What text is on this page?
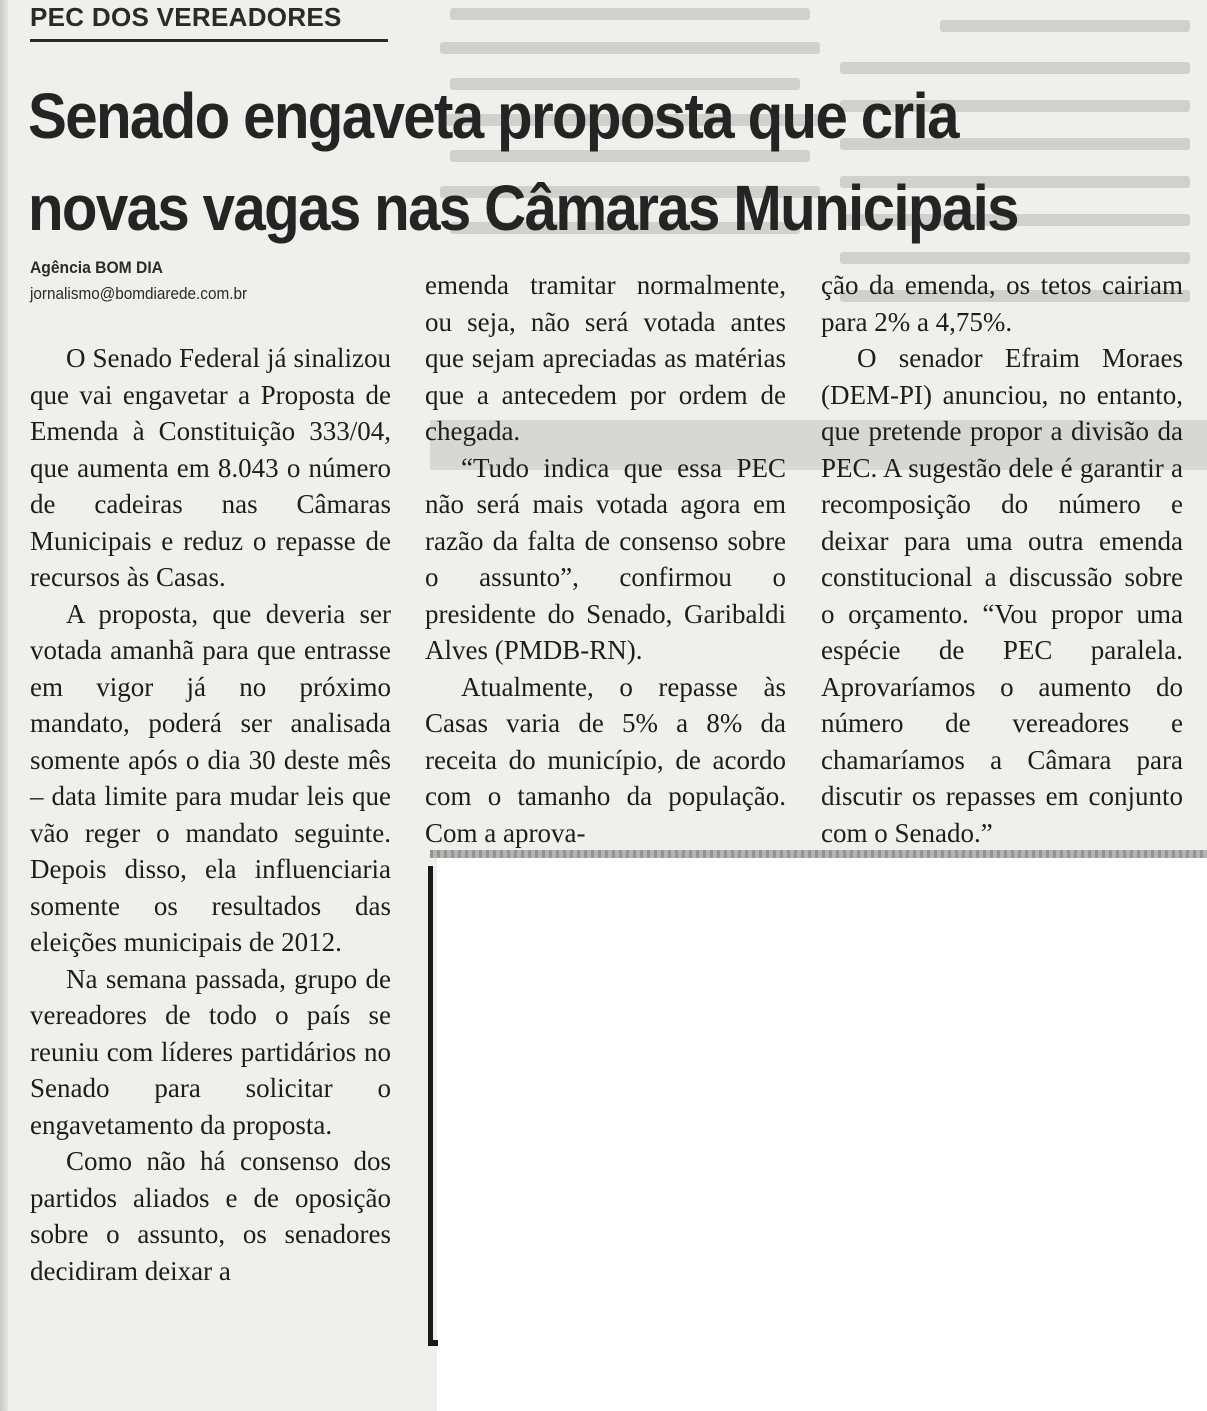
PEC DOS VEREADORES
Senado engaveta proposta que cria
novas vagas nas Câmaras Municipais
Agência BOM DIA
jornalismo@bomdiarede.com.br

O Senado Federal já sinalizou que vai engavetar a Proposta de Emenda à Constituição 333/04, que aumenta em 8.043 o número de cadeiras nas Câmaras Municipais e reduz o repasse de recursos às Casas.

A proposta, que deveria ser votada amanhã para que entrasse em vigor já no próximo mandato, poderá ser analisada somente após o dia 30 deste mês – data limite para mudar leis que vão reger o mandato seguinte. Depois disso, ela influenciaria somente os resultados das eleições municipais de 2012.

Na semana passada, grupo de vereadores de todo o país se reuniu com líderes partidários no Senado para solicitar o engavetamento da proposta.

Como não há consenso dos partidos aliados e de oposição sobre o assunto, os senadores decidiram deixar a

emenda tramitar normalmente, ou seja, não será votada antes que sejam apreciadas as matérias que a antecedem por ordem de chegada.

“Tudo indica que essa PEC não será mais votada agora em razão da falta de consenso sobre o assunto”, confirmou o presidente do Senado, Garibaldi Alves (PMDB-RN).

Atualmente, o repasse às Casas varia de 5% a 8% da receita do município, de acordo com o tamanho da população. Com a aprova-

ção da emenda, os tetos cairiam para 2% a 4,75%.

O senador Efraim Moraes (DEM-PI) anunciou, no entanto, que pretende propor a divisão da PEC. A sugestão dele é garantir a recomposição do número e deixar para uma outra emenda constitucional a discussão sobre o orçamento. “Vou propor uma espécie de PEC paralela. Aprovaríamos o aumento do número de vereadores e chamaríamos a Câmara para discutir os repasses em conjunto com o Senado.”
